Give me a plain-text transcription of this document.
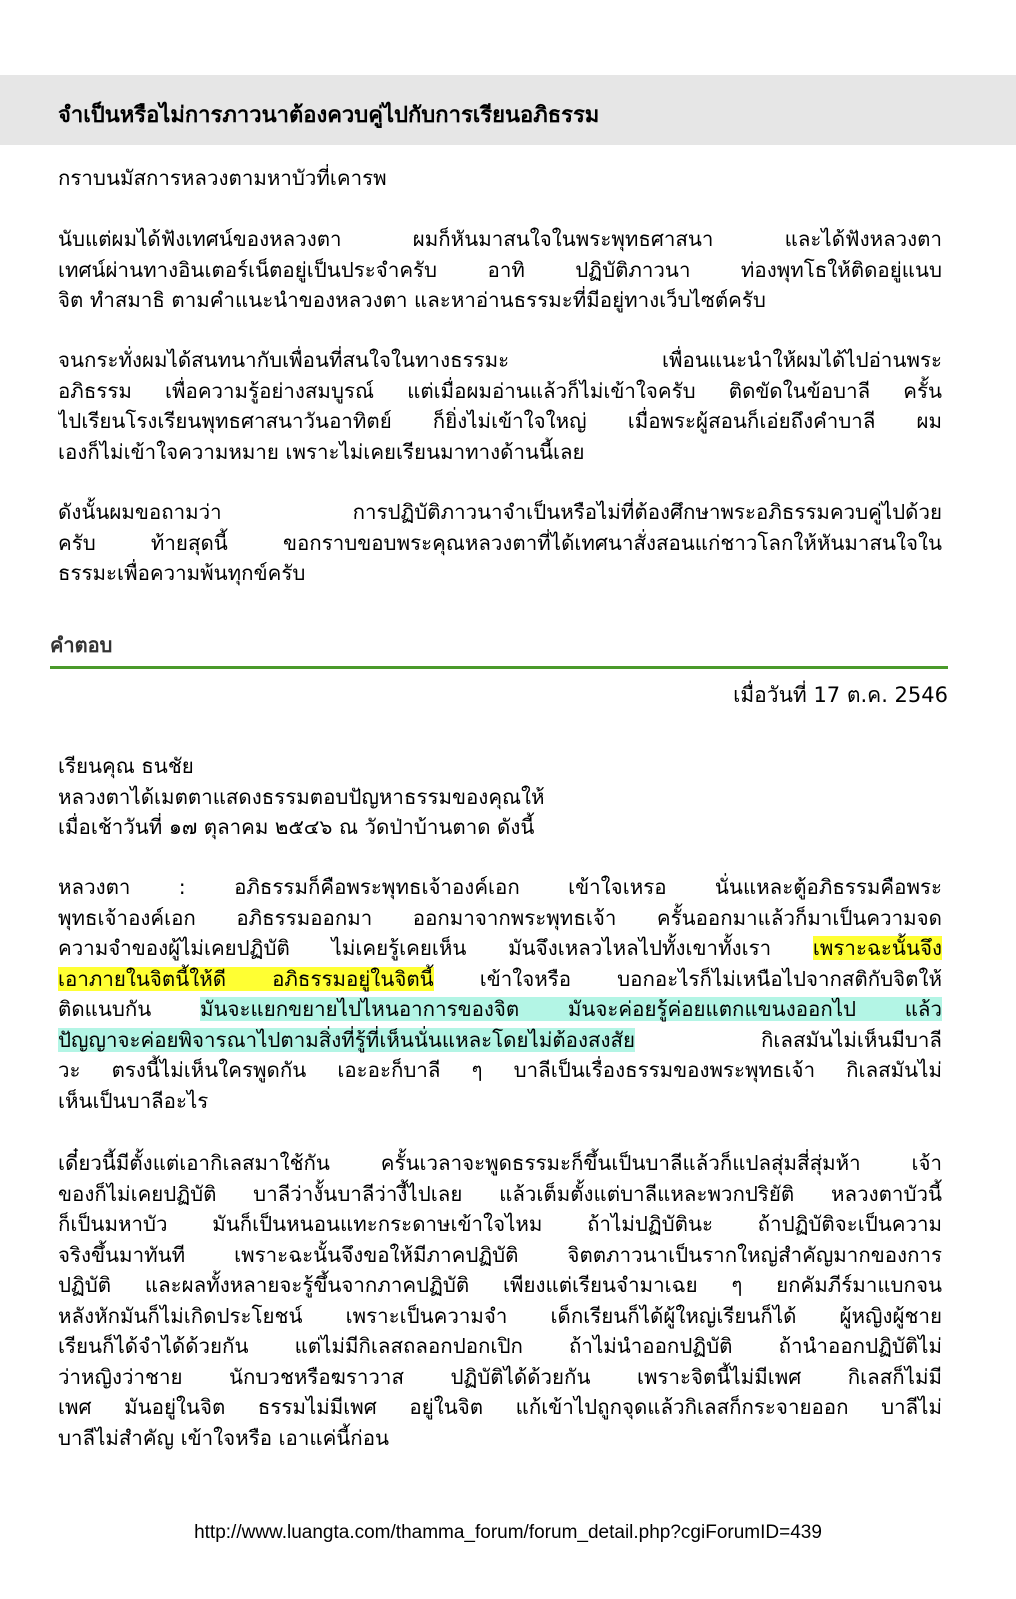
จำเป็นหรือไม่การภาวนาต้องควบคู่ไปกับการเรียนอภิธรรม
กราบนมัสการหลวงตามหาบัวที่เคารพ
นับแต่ผมได้ฟังเทศน์ของหลวงตา ผมก็หันมาสนใจในพระพุทธศาสนา และได้ฟังหลวงตา
เทศน์ผ่านทางอินเตอร์เน็ตอยู่เป็นประจำครับ อาทิ ปฏิบัติภาวนา ท่องพุทโธให้ติดอยู่แนบ
จิต ทำสมาธิ ตามคำแนะนำของหลวงตา และหาอ่านธรรมะที่มีอยู่ทางเว็บไซต์ครับ
จนกระทั่งผมได้สนทนากับเพื่อนที่สนใจในทางธรรมะ เพื่อนแนะนำให้ผมได้ไปอ่านพระ
อภิธรรม เพื่อความรู้อย่างสมบูรณ์ แต่เมื่อผมอ่านแล้วก็ไม่เข้าใจครับ ติดขัดในข้อบาลี ครั้น
ไปเรียนโรงเรียนพุทธศาสนาวันอาทิตย์ ก็ยิ่งไม่เข้าใจใหญ่ เมื่อพระผู้สอนก็เอ่ยถึงคำบาลี ผม
เองก็ไม่เข้าใจความหมาย เพราะไม่เคยเรียนมาทางด้านนี้เลย
ดังนั้นผมขอถามว่า การปฏิบัติภาวนาจำเป็นหรือไม่ที่ต้องศึกษาพระอภิธรรมควบคู่ไปด้วย
ครับ ท้ายสุดนี้ ขอกราบขอบพระคุณหลวงตาที่ได้เทศนาสั่งสอนแก่ชาวโลกให้หันมาสนใจใน
ธรรมะเพื่อความพ้นทุกข์ครับ
คำตอบ
เมื่อวันที่ 17 ต.ค. 2546
เรียนคุณ ธนชัย
หลวงตาได้เมตตาแสดงธรรมตอบปัญหาธรรมของคุณให้
เมื่อเช้าวันที่ ๑๗ ตุลาคม ๒๕๔๖ ณ วัดป่าบ้านตาด ดังนี้
หลวงตา : อภิธรรมก็คือพระพุทธเจ้าองค์เอก เข้าใจเหรอ นั่นแหละตู้อภิธรรมคือพระ
พุทธเจ้าองค์เอก อภิธรรมออกมา ออกมาจากพระพุทธเจ้า ครั้นออกมาแล้วก็มาเป็นความจด
ความจำของผู้ไม่เคยปฏิบัติ ไม่เคยรู้เคยเห็น มันจึงเหลวไหลไปทั้งเขาทั้งเรา เพราะฉะนั้นจึง
เอาภายในจิตนี้ให้ดี อภิธรรมอยู่ในจิตนี้ เข้าใจหรือ บอกอะไรก็ไม่เหนือไปจากสติกับจิตให้
ติดแนบกัน มันจะแยกขยายไปไหนอาการของจิต มันจะค่อยรู้ค่อยแตกแขนงออกไป แล้ว
ปัญญาจะค่อยพิจารณาไปตามสิ่งที่รู้ที่เห็นนั่นแหละโดยไม่ต้องสงสัย	กิเลสมันไม่เห็นมีบาลี
วะ ตรงนี้ไม่เห็นใครพูดกัน เอะอะก็บาลี ๆ บาลีเป็นเรื่องธรรมของพระพุทธเจ้า กิเลสมันไม่
เห็นเป็นบาลีอะไร
เดี๋ยวนี้มีตั้งแต่เอากิเลสมาใช้กัน ครั้นเวลาจะพูดธรรมะก็ขึ้นเป็นบาลีแล้วก็แปลสุ่มสี่สุ่มห้า เจ้า
ของก็ไม่เคยปฏิบัติ บาลีว่างั้นบาลีว่างี้ไปเลย แล้วเต็มตั้งแต่บาลีแหละพวกปริยัติ หลวงตาบัวนี้
ก็เป็นมหาบัว มันก็เป็นหนอนแทะกระดาษเข้าใจไหม ถ้าไม่ปฏิบัตินะ ถ้าปฏิบัติจะเป็นความ
จริงขึ้นมาทันที เพราะฉะนั้นจึงขอให้มีภาคปฏิบัติ จิตตภาวนาเป็นรากใหญ่สำคัญมากของการ
ปฏิบัติ และผลทั้งหลายจะรู้ขึ้นจากภาคปฏิบัติ เพียงแต่เรียนจำมาเฉย ๆ ยกคัมภีร์มาแบกจน
หลังหักมันก็ไม่เกิดประโยชน์ เพราะเป็นความจำ เด็กเรียนก็ได้ผู้ใหญ่เรียนก็ได้ ผู้หญิงผู้ชาย
เรียนก็ได้จำได้ด้วยกัน แต่ไม่มีกิเลสถลอกปอกเปิก ถ้าไม่นำออกปฏิบัติ ถ้านำออกปฏิบัติไม่
ว่าหญิงว่าชาย นักบวชหรือฆราวาส ปฏิบัติได้ด้วยกัน เพราะจิตนี้ไม่มีเพศ กิเลสก็ไม่มี
เพศ มันอยู่ในจิต ธรรมไม่มีเพศ อยู่ในจิต แก้เข้าไปถูกจุดแล้วกิเลสก็กระจายออก บาลีไม่
บาลีไม่สำคัญ เข้าใจหรือ เอาแค่นี้ก่อน
http://www.luangta.com/thamma_forum/forum_detail.php?cgiForumID=439
